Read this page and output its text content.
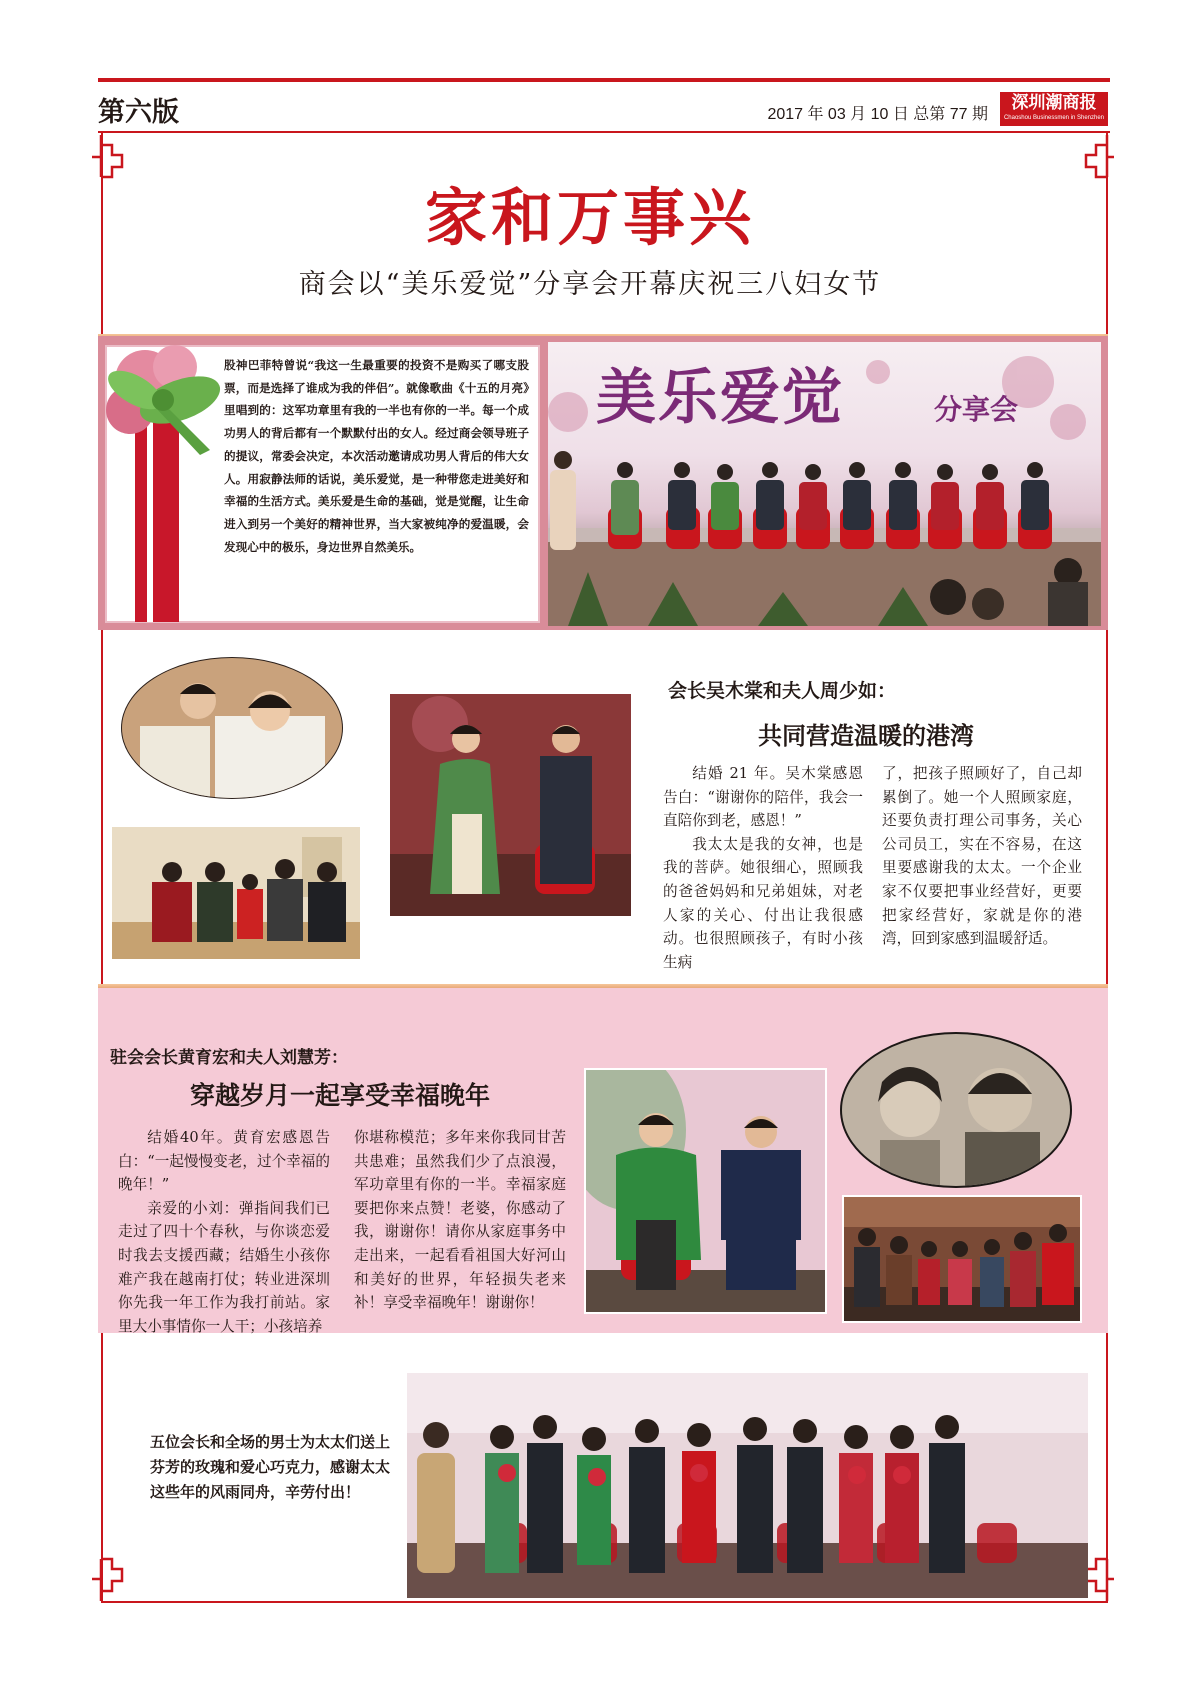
第六版	2017 年 03 月 10 日 总第 77 期
深圳潮商报
Chaoshou Businessmen in Shenzhen
家和万事兴
商会以“美乐爱觉”分享会开幕庆祝三八妇女节
股神巴菲特曾说“我这一生最重要的投资不是购买了哪支股票，而是选择了谁成为我的伴侣”。就像歌曲《十五的月亮》里唱到的：这军功章里有我的一半也有你的一半。每一个成功男人的背后都有一个默默付出的女人。经过商会领导班子的提议，常委会决定，本次活动邀请成功男人背后的伟大女人。用寂静法师的话说，美乐爱觉，是一种带您走进美好和幸福的生活方式。美乐爱是生命的基础，觉是觉醒，让生命进入到另一个美好的精神世界，当大家被纯净的爱温暖，会发现心中的极乐，身边世界自然美乐。
美乐爱觉	分享会
会长吴木棠和夫人周少如：
共同营造温暖的港湾

结婚 21 年。吴木棠感恩告白：“谢谢你的陪伴，我会一直陪你到老，感恩！”

我太太是我的女神，也是我的菩萨。她很细心，照顾我的爸爸妈妈和兄弟姐妹，对老人家的关心、付出让我很感动。也很照顾孩子，有时小孩生病

了，把孩子照顾好了，自己却累倒了。她一个人照顾家庭，还要负责打理公司事务，关心公司员工，实在不容易，在这里要感谢我的太太。一个企业家不仅要把事业经营好，更要把家经营好，家就是你的港湾，回到家感到温暖舒适。

驻会会长黄育宏和夫人刘慧芳：
穿越岁月一起享受幸福晚年

结婚40年。黄育宏感恩告白：“一起慢慢变老，过个幸福的晚年！”

亲爱的小刘：弹指间我们已走过了四十个春秋，与你谈恋爱时我去支援西藏；结婚生小孩你难产我在越南打仗；转业进深圳你先我一年工作为我打前站。家里大小事情你一人干；小孩培养

你堪称模范；多年来你我同甘苦共患难；虽然我们少了点浪漫，军功章里有你的一半。幸福家庭要把你来点赞！老婆，你感动了我，谢谢你！请你从家庭事务中走出来，一起看看祖国大好河山和美好的世界，年轻损失老来补！享受幸福晚年！谢谢你！

五位会长和全场的男士为太太们送上芬芳的玫瑰和爱心巧克力，感谢太太这些年的风雨同舟，辛劳付出！
